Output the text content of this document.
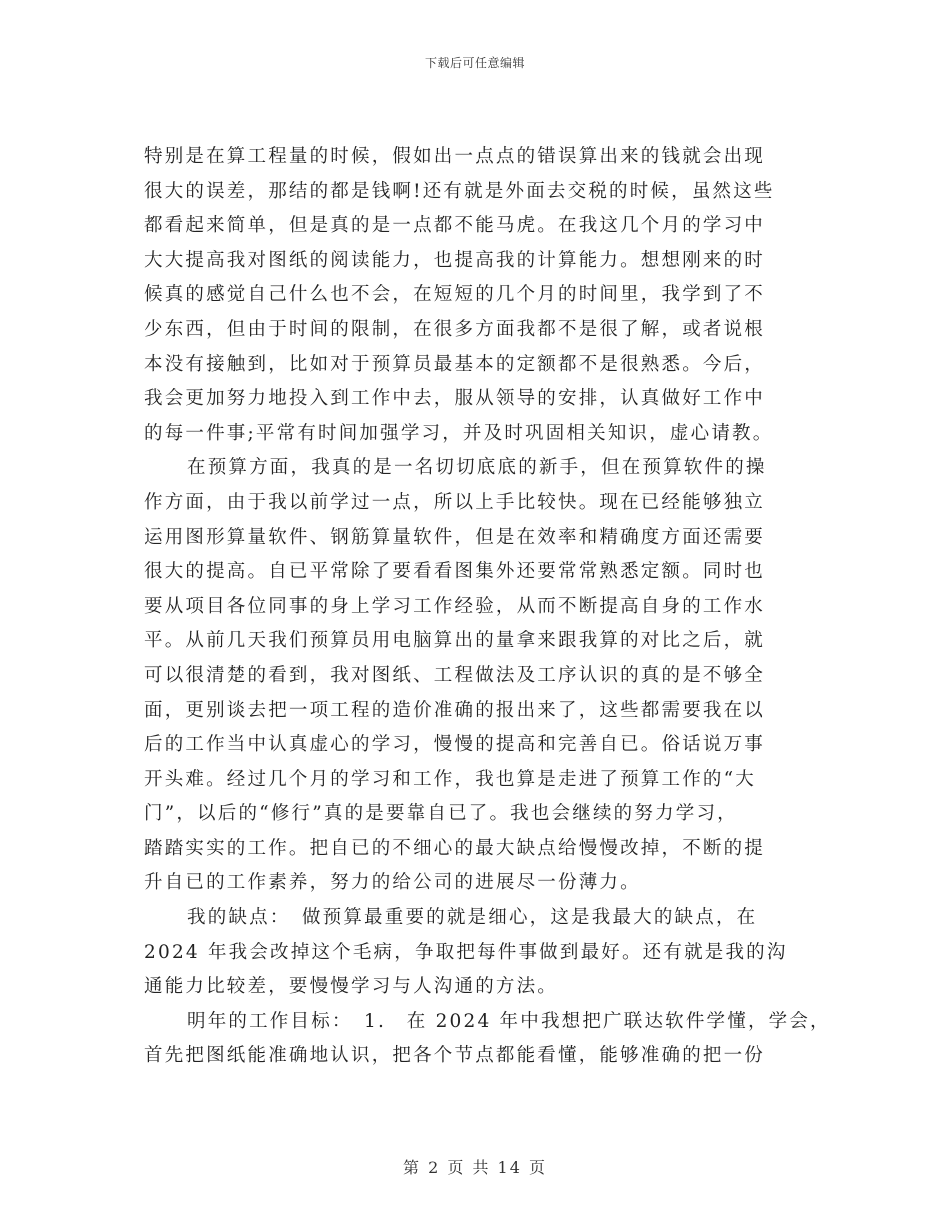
下载后可任意编辑
特别是在算工程量的时候，假如出一点点的错误算出来的钱就会出现
很大的误差，那结的都是钱啊!还有就是外面去交税的时候，虽然这些
都看起来简单，但是真的是一点都不能马虎。在我这几个月的学习中
大大提高我对图纸的阅读能力，也提高我的计算能力。想想刚来的时
候真的感觉自己什么也不会，在短短的几个月的时间里，我学到了不
少东西，但由于时间的限制，在很多方面我都不是很了解，或者说根
本没有接触到，比如对于预算员最基本的定额都不是很熟悉。今后，
我会更加努力地投入到工作中去，服从领导的安排，认真做好工作中
的每一件事;平常有时间加强学习，并及时巩固相关知识，虚心请教。
在预算方面，我真的是一名切切底底的新手，但在预算软件的操
作方面，由于我以前学过一点，所以上手比较快。现在已经能够独立
运用图形算量软件、钢筋算量软件，但是在效率和精确度方面还需要
很大的提高。自已平常除了要看看图集外还要常常熟悉定额。同时也
要从项目各位同事的身上学习工作经验，从而不断提高自身的工作水
平。从前几天我们预算员用电脑算出的量拿来跟我算的对比之后，就
可以很清楚的看到，我对图纸、工程做法及工序认识的真的是不够全
面，更别谈去把一项工程的造价准确的报出来了，这些都需要我在以
后的工作当中认真虚心的学习，慢慢的提高和完善自已。俗话说万事
开头难。经过几个月的学习和工作，我也算是走进了预算工作的“大
门”，以后的“修行”真的是要靠自已了。我也会继续的努力学习，
踏踏实实的工作。把自已的不细心的最大缺点给慢慢改掉，不断的提
升自已的工作素养，努力的给公司的进展尽一份薄力。
我的缺点：　做预算最重要的就是细心，这是我最大的缺点，在
2024 年我会改掉这个毛病，争取把每件事做到最好。还有就是我的沟
通能力比较差，要慢慢学习与人沟通的方法。
明年的工作目标：　1.　在 2024 年中我想把广联达软件学懂，学会，
首先把图纸能准确地认识，把各个节点都能看懂，能够准确的把一份
第 2 页 共 14 页
